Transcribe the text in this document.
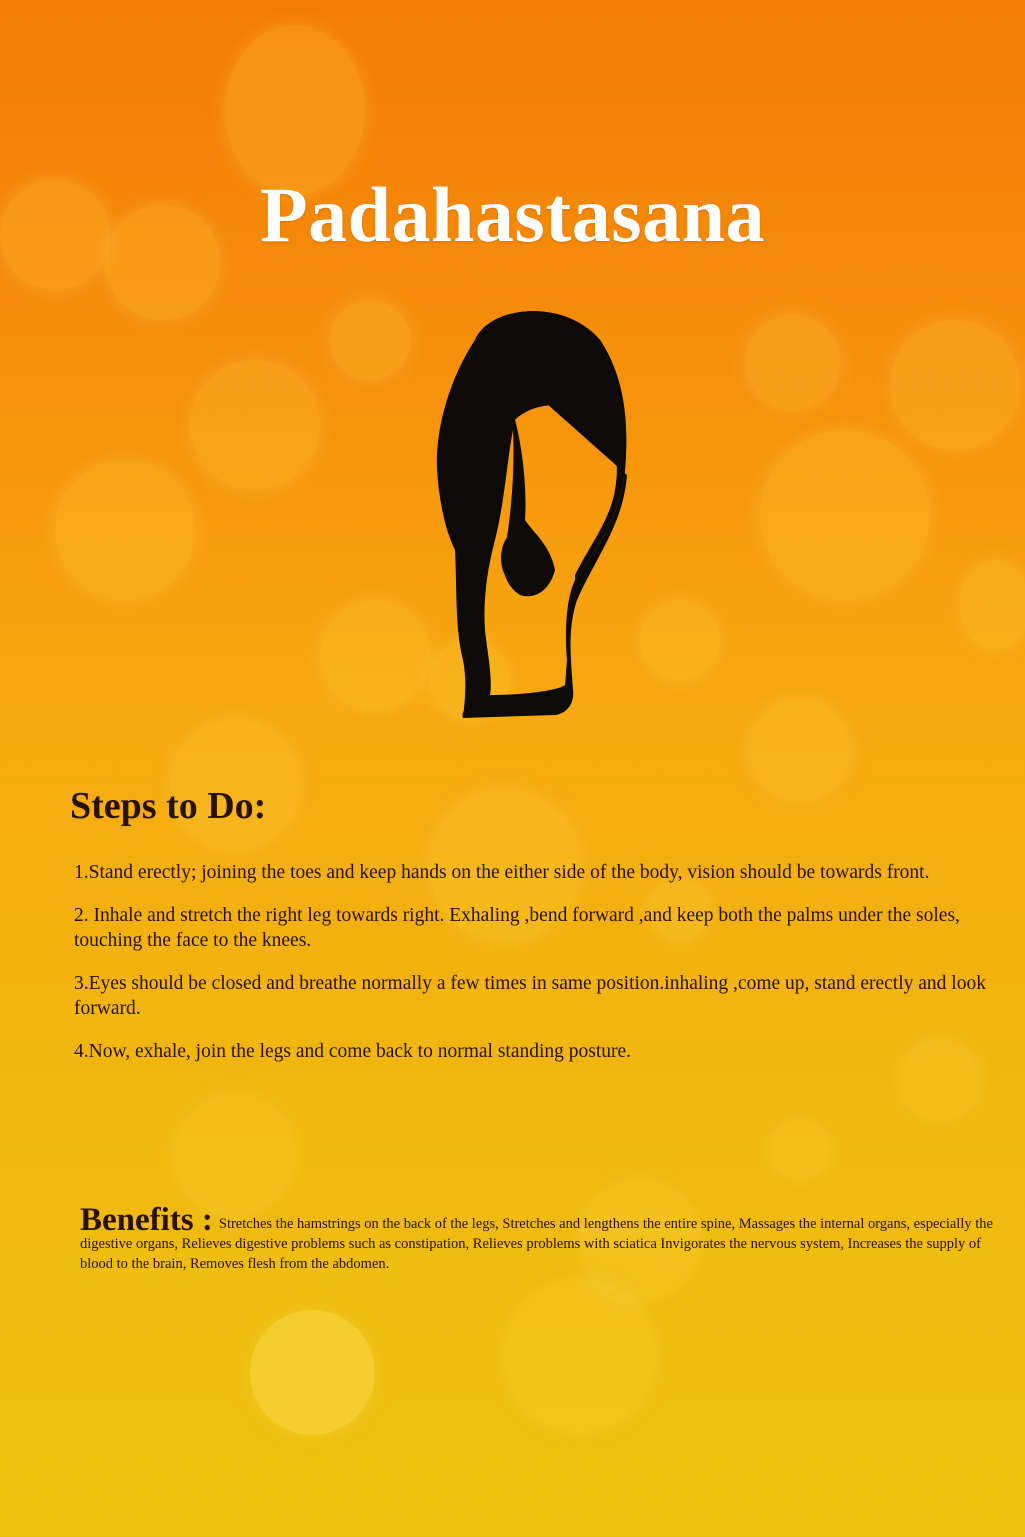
Padahastasana
Steps to Do:

1.Stand erectly; joining the toes and keep hands on the either side of the body, vision should be towards front.

2. Inhale and stretch the right leg towards right. Exhaling ,bend forward ,and keep both the palms under the soles, touching the face to the knees.

3.Eyes should be closed and breathe normally a few times in same position.inhaling ,come up, stand erectly and look forward.

4.Now, exhale, join the legs and come back to normal standing posture.

Benefits : Stretches the hamstrings on the back of the legs, Stretches and lengthens the entire spine, Massages the internal organs, especially the digestive organs, Relieves digestive problems such as constipation, Relieves problems with sciatica Invigorates the nervous system, Increases the supply of blood to the brain, Removes flesh from the abdomen.
